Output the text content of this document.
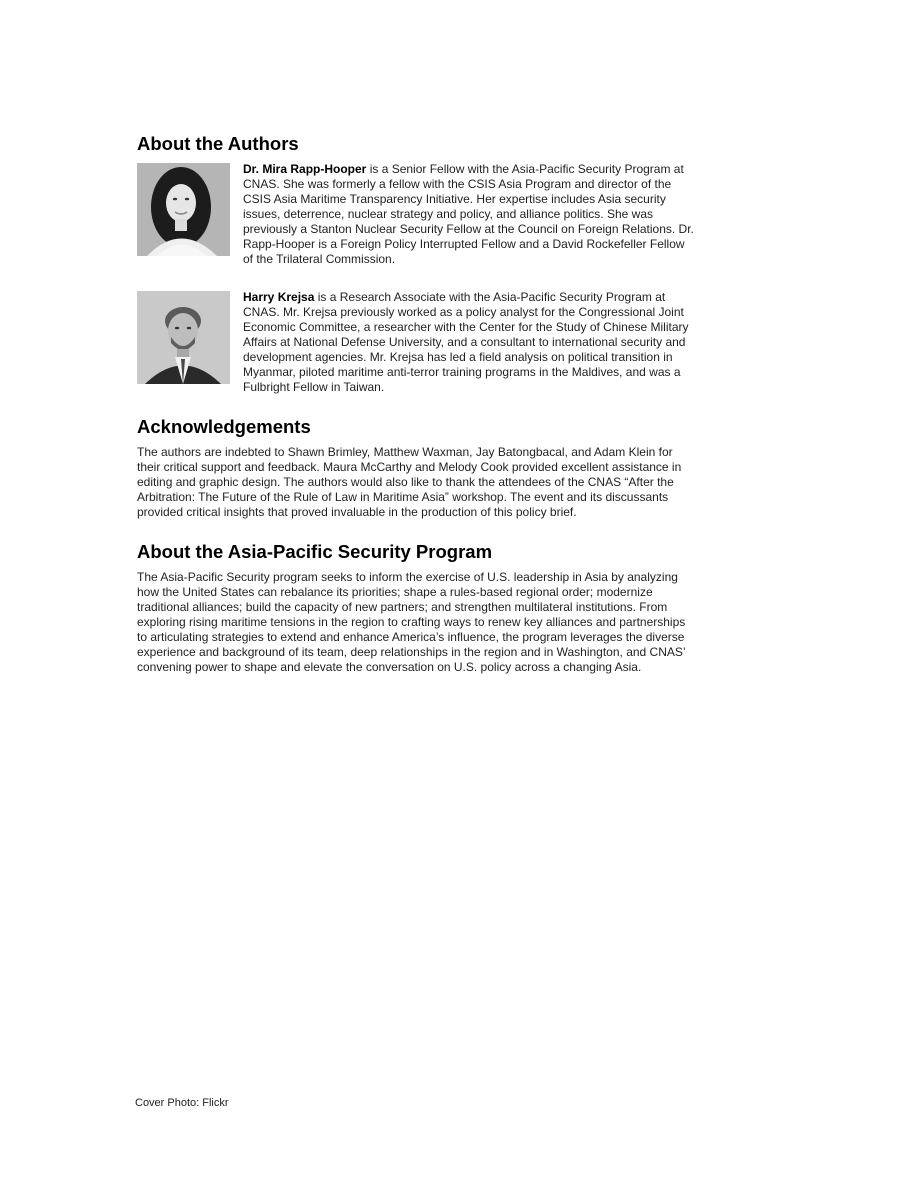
About the Authors

Dr. Mira Rapp-Hooper is a Senior Fellow with the Asia-Pacific Security Program at CNAS. She was formerly a fellow with the CSIS Asia Program and director of the CSIS Asia Maritime Transparency Initiative. Her expertise includes Asia security issues, deterrence, nuclear strategy and policy, and alliance politics. She was previously a Stanton Nuclear Security Fellow at the Council on Foreign Relations. Dr. Rapp-Hooper is a Foreign Policy Interrupted Fellow and a David Rockefeller Fellow of the Trilateral Commission.

Harry Krejsa is a Research Associate with the Asia-Pacific Security Program at CNAS. Mr. Krejsa previously worked as a policy analyst for the Congressional Joint Economic Committee, a researcher with the Center for the Study of Chinese Military Affairs at National Defense University, and a consultant to international security and development agencies. Mr. Krejsa has led a field analysis on political transition in Myanmar, piloted maritime anti-terror training programs in the Maldives, and was a Fulbright Fellow in Taiwan.

Acknowledgements

The authors are indebted to Shawn Brimley, Matthew Waxman, Jay Batongbacal, and Adam Klein for their critical support and feedback. Maura McCarthy and Melody Cook provided excellent assistance in editing and graphic design. The authors would also like to thank the attendees of the CNAS “After the Arbitration: The Future of the Rule of Law in Maritime Asia” workshop. The event and its discussants provided critical insights that proved invaluable in the production of this policy brief.

About the Asia-Pacific Security Program

The Asia-Pacific Security program seeks to inform the exercise of U.S. leadership in Asia by analyzing how the United States can rebalance its priorities; shape a rules-based regional order; modernize traditional alliances; build the capacity of new partners; and strengthen multilateral institutions. From exploring rising maritime tensions in the region to crafting ways to renew key alliances and partnerships to articulating strategies to extend and enhance America’s influence, the program leverages the diverse experience and background of its team, deep relationships in the region and in Washington, and CNAS’ convening power to shape and elevate the conversation on U.S. policy across a changing Asia.

Cover Photo: Flickr
